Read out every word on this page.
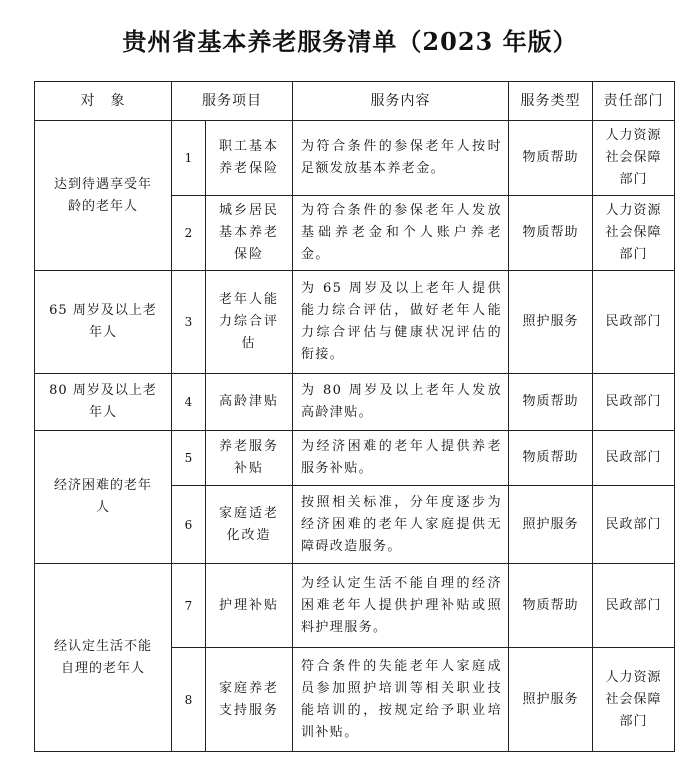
贵州省基本养老服务清单（2023 年版）
对　象	服务项目		服务内容	服务类型	责任部门
达到待遇享受年龄的老年人	1	职工基本养老保险	为符合条件的参保老年人按时足额发放基本养老金。	物质帮助	人力资源社会保障部门
	2	城乡居民基本养老保险	为符合条件的参保老年人发放基础养老金和个人账户养老金。	物质帮助	人力资源社会保障部门
65 周岁及以上老年人	3	老年人能力综合评估	为 65 周岁及以上老年人提供能力综合评估，做好老年人能力综合评估与健康状况评估的衔接。	照护服务	民政部门
80 周岁及以上老年人	4	高龄津贴	为 80 周岁及以上老年人发放高龄津贴。	物质帮助	民政部门
经济困难的老年人	5	养老服务补贴	为经济困难的老年人提供养老服务补贴。	物质帮助	民政部门
	6	家庭适老化改造	按照相关标准，分年度逐步为经济困难的老年人家庭提供无障碍改造服务。	照护服务	民政部门
经认定生活不能自理的老年人	7	护理补贴	为经认定生活不能自理的经济困难老年人提供护理补贴或照料护理服务。	物质帮助	民政部门
	8	家庭养老支持服务	符合条件的失能老年人家庭成员参加照护培训等相关职业技能培训的，按规定给予职业培训补贴。	照护服务	人力资源社会保障部门
